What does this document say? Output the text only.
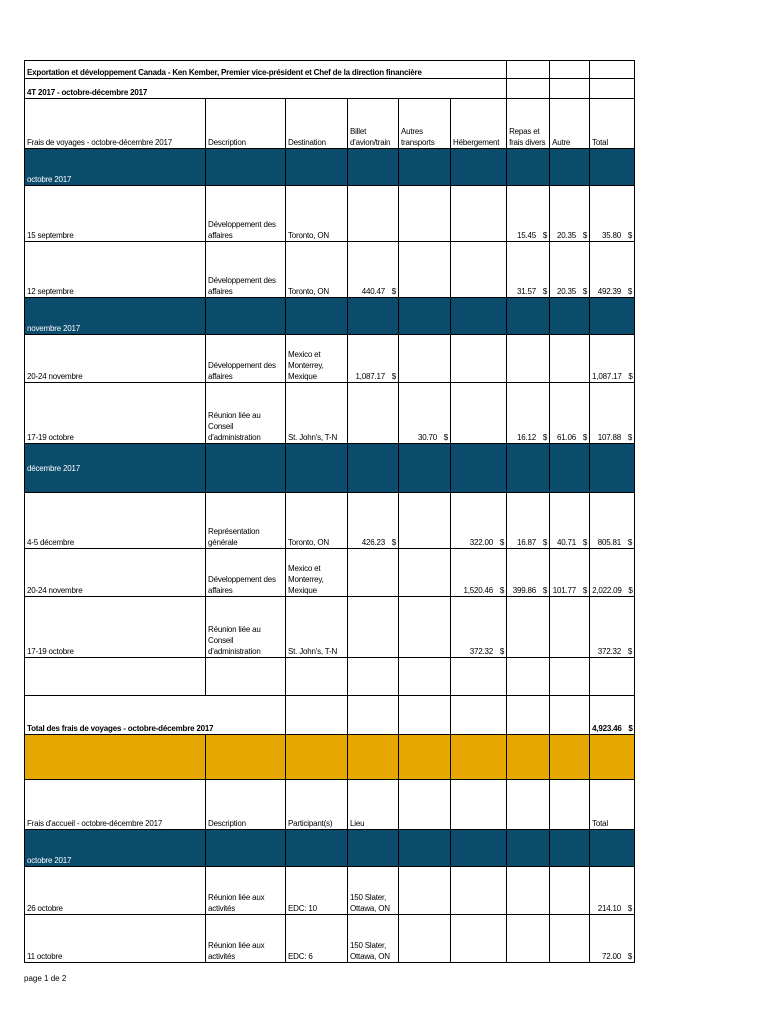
Exportation et développement Canada - Ken Kember, Premier vice-président et Chef de la direction financière								
4T 2017 - octobre-décembre 2017								
Frais de voyages - octobre-décembre 2017	Description	Destination	Billet d'avion/train	Autres transports	Hébergement	Repas et frais divers	Autre	Total
octobre 2017								
15 septembre	Développement des affaires	Toronto, ON				15.45 $	20.35 $	35.80 $
12 septembre	Développement des affaires	Toronto, ON	440.47 $			31.57 $	20.35 $	492.39 $
novembre 2017								
20-24 novembre	Développement des affaires	Mexico et Monterrey, Mexique	1,087.17 $					1,087.17 $
17-19 octobre	Réunion liée au Conseil d'administration	St. John's, T-N		30.70 $		16.12 $	61.06 $	107.88 $
décembre 2017								
4-5 décembre	Représentation générale	Toronto, ON	426.23 $		322.00 $	16.87 $	40.71 $	805.81 $
20-24 novembre	Développement des affaires	Mexico et Monterrey, Mexique			1,520.46 $	399.86 $	101.77 $	2,022.09 $
17-19 octobre	Réunion liée au Conseil d'administration	St. John's, T-N			372.32 $			372.32 $

Total des frais de voyages - octobre-décembre 2017								4,923.46 $

Frais d'accueil - octobre-décembre 2017	Description	Participant(s)	Lieu					Total
octobre 2017								
26 octobre	Réunion liée aux activités	EDC: 10	150 Slater, Ottawa, ON					214.10 $
11 octobre	Réunion liée aux activités	EDC: 6	150 Slater, Ottawa, ON					72.00 $
page 1 de 2
